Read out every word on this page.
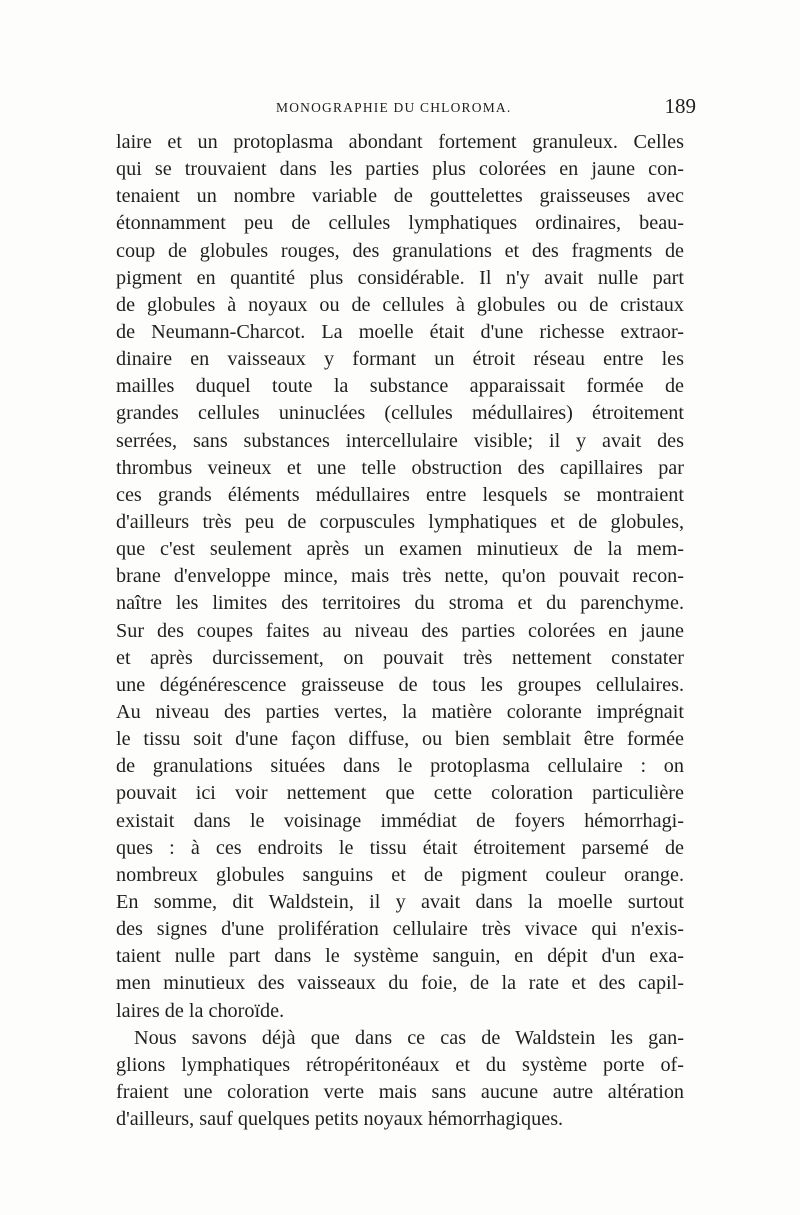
MONOGRAPHIE DU CHLOROMA.	189
laire et un protoplasma abondant fortement granuleux. Celles
qui se trouvaient dans les parties plus colorées en jaune con-
tenaient un nombre variable de gouttelettes graisseuses avec
étonnamment peu de cellules lymphatiques ordinaires, beau-
coup de globules rouges, des granulations et des fragments de
pigment en quantité plus considérable. Il n'y avait nulle part
de globules à noyaux ou de cellules à globules ou de cristaux
de Neumann-Charcot. La moelle était d'une richesse extraor-
dinaire en vaisseaux y formant un étroit réseau entre les
mailles duquel toute la substance apparaissait formée de
grandes cellules uninuclées (cellules médullaires) étroitement
serrées, sans substances intercellulaire visible; il y avait des
thrombus veineux et une telle obstruction des capillaires par
ces grands éléments médullaires entre lesquels se montraient
d'ailleurs très peu de corpuscules lymphatiques et de globules,
que c'est seulement après un examen minutieux de la mem-
brane d'enveloppe mince, mais très nette, qu'on pouvait recon-
naître les limites des territoires du stroma et du parenchyme.
Sur des coupes faites au niveau des parties colorées en jaune
et après durcissement, on pouvait très nettement constater
une dégénérescence graisseuse de tous les groupes cellulaires.
Au niveau des parties vertes, la matière colorante imprégnait
le tissu soit d'une façon diffuse, ou bien semblait être formée
de granulations situées dans le protoplasma cellulaire : on
pouvait ici voir nettement que cette coloration particulière
existait dans le voisinage immédiat de foyers hémorrhagi-
ques : à ces endroits le tissu était étroitement parsemé de
nombreux globules sanguins et de pigment couleur orange.
En somme, dit Waldstein, il y avait dans la moelle surtout
des signes d'une prolifération cellulaire très vivace qui n'exis-
taient nulle part dans le système sanguin, en dépit d'un exa-
men minutieux des vaisseaux du foie, de la rate et des capil-
laires de la choroïde.
Nous savons déjà que dans ce cas de Waldstein les gan-
glions lymphatiques rétropéritonéaux et du système porte of-
fraient une coloration verte mais sans aucune autre altération
d'ailleurs, sauf quelques petits noyaux hémorrhagiques.
